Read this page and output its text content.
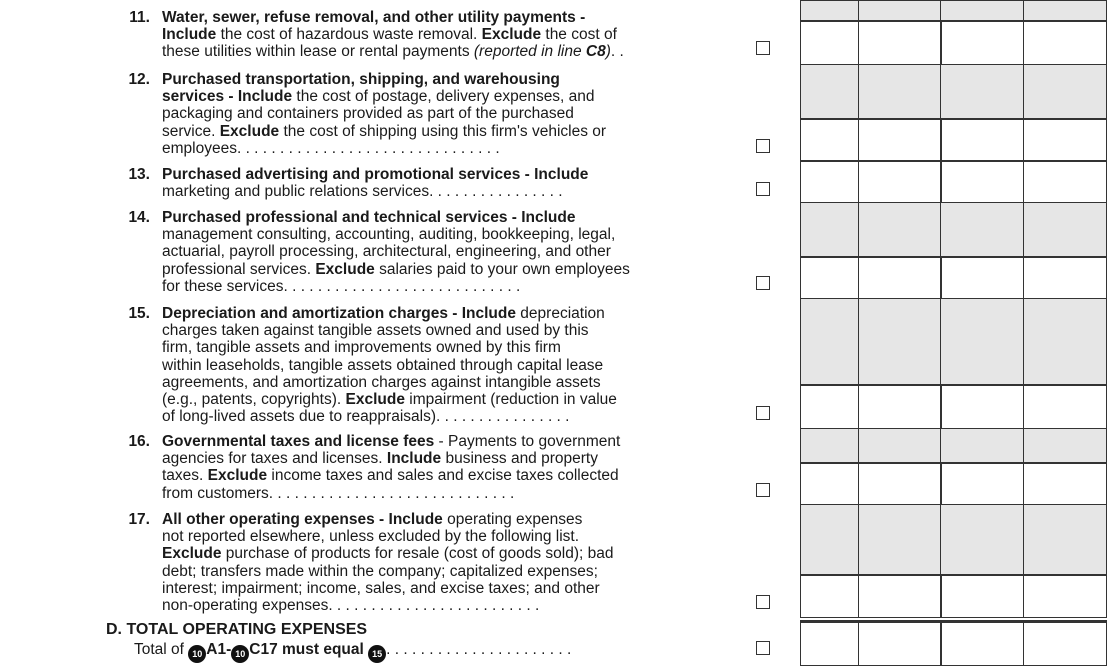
11. Water, sewer, refuse removal, and other utility payments -
Include the cost of hazardous waste removal. Exclude the cost of
these utilities within lease or rental payments (reported in line C8). .
12. Purchased transportation, shipping, and warehousing
services - Include the cost of postage, delivery expenses, and
packaging and containers provided as part of the purchased
service. Exclude the cost of shipping using this firm's vehicles or
employees. . . . . . . . . . . . . . . . . . . . . . . . . . . . . . .
13. Purchased advertising and promotional services - Include
marketing and public relations services. . . . . . . . . . . . . . . .
14. Purchased professional and technical services - Include
management consulting, accounting, auditing, bookkeeping, legal,
actuarial, payroll processing, architectural, engineering, and other
professional services. Exclude salaries paid to your own employees
for these services. . . . . . . . . . . . . . . . . . . . . . . . . . . .
15. Depreciation and amortization charges - Include depreciation
charges taken against tangible assets owned and used by this
firm, tangible assets and improvements owned by this firm
within leaseholds, tangible assets obtained through capital lease
agreements, and amortization charges against intangible assets
(e.g., patents, copyrights). Exclude impairment (reduction in value
of long-lived assets due to reappraisals). . . . . . . . . . . . . . . .
16. Governmental taxes and license fees - Payments to government
agencies for taxes and licenses. Include business and property
taxes. Exclude income taxes and sales and excise taxes collected
from customers. . . . . . . . . . . . . . . . . . . . . . . . . . . . .
17. All other operating expenses - Include operating expenses
not reported elsewhere, unless excluded by the following list.
Exclude purchase of products for resale (cost of goods sold); bad
debt; transfers made within the company; capitalized expenses;
interest; impairment; income, sales, and excise taxes; and other
non-operating expenses. . . . . . . . . . . . . . . . . . . . . . . . .
D. TOTAL OPERATING EXPENSES
Total of 10 A1- 10 C17 must equal 15 . . . . . . . . . . . . . . . . . . . . . .
